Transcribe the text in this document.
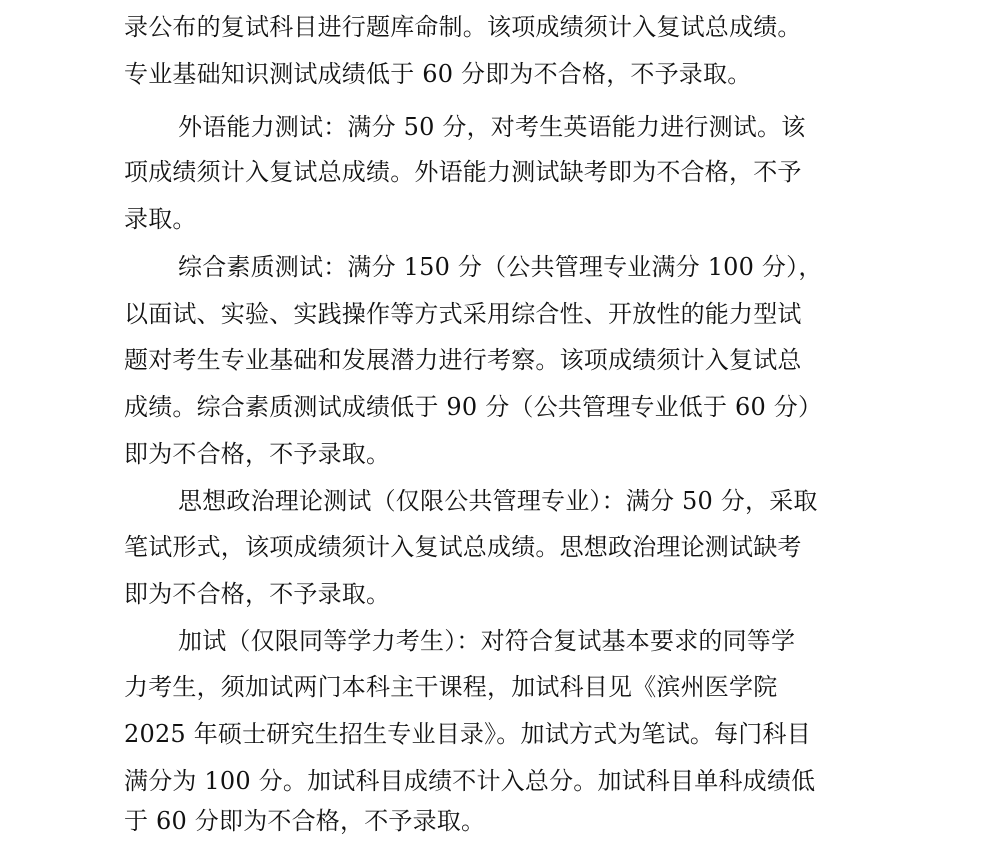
录公布的复试科目进行题库命制。该项成绩须计入复试总成绩。
专业基础知识测试成绩低于 60 分即为不合格，不予录取。
外语能力测试：满分 50 分，对考生英语能力进行测试。该
项成绩须计入复试总成绩。外语能力测试缺考即为不合格，不予
录取。
综合素质测试：满分 150 分（公共管理专业满分 100 分），
以面试、实验、实践操作等方式采用综合性、开放性的能力型试
题对考生专业基础和发展潜力进行考察。该项成绩须计入复试总
成绩。综合素质测试成绩低于 90 分（公共管理专业低于 60 分）
即为不合格，不予录取。
思想政治理论测试（仅限公共管理专业）：满分 50 分，采取
笔试形式，该项成绩须计入复试总成绩。思想政治理论测试缺考
即为不合格，不予录取。
加试（仅限同等学力考生）：对符合复试基本要求的同等学
力考生，须加试两门本科主干课程，加试科目见《滨州医学院
2025 年硕士研究生招生专业目录》。加试方式为笔试。每门科目
满分为 100 分。加试科目成绩不计入总分。加试科目单科成绩低
于 60 分即为不合格，不予录取。
